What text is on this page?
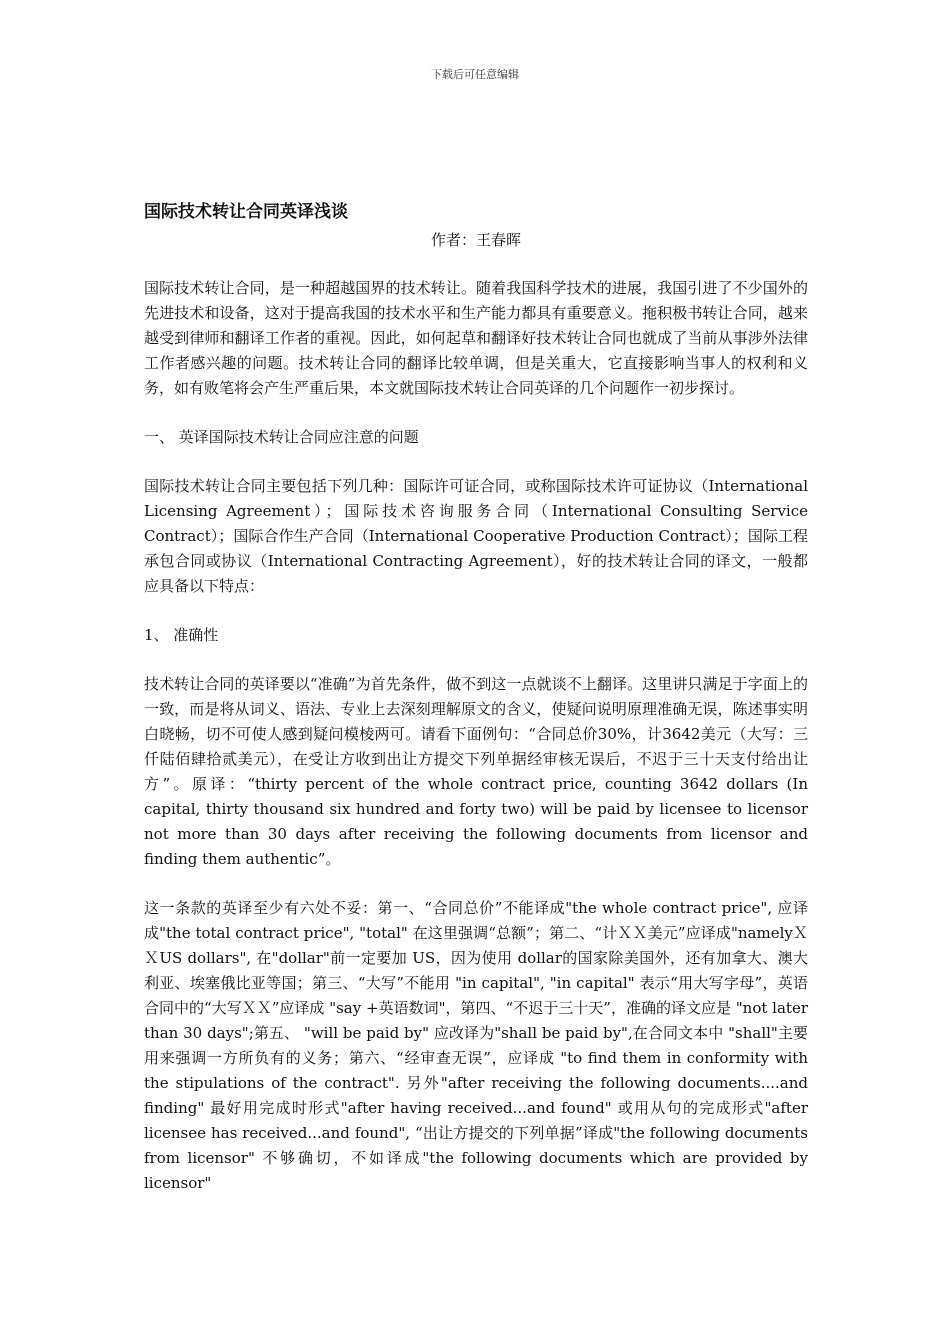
下载后可任意编辑
国际技术转让合同英译浅谈

作者：王春晖

国际技术转让合同，是一种超越国界的技术转让。随着我国科学技术的进展，我国引进了不少国外的先进技术和设备，这对于提高我国的技术水平和生产能力都具有重要意义。拖积极书转让合同，越来越受到律师和翻译工作者的重视。因此，如何起草和翻译好技术转让合同也就成了当前从事涉外法律工作者感兴趣的问题。技术转让合同的翻译比较单调，但是关重大，它直接影响当事人的权利和义务，如有败笔将会产生严重后果，本文就国际技术转让合同英译的几个问题作一初步探讨。

一、 英译国际技术转让合同应注意的问题

国际技术转让合同主要包括下列几种：国际许可证合同，或称国际技术许可证协议（International Licensing Agreement）；国际技术咨询服务合同（International Consulting Service Contract）；国际合作生产合同（International Cooperative Production Contract）；国际工程承包合同或协议（International Contracting Agreement），好的技术转让合同的译文，一般都应具备以下特点：

1、 准确性

技术转让合同的英译要以“准确”为首先条件，做不到这一点就谈不上翻译。这里讲只满足于字面上的一致，而是将从词义、语法、专业上去深刻理解原文的含义，使疑问说明原理准确无误，陈述事实明白晓畅，切不可使人感到疑问模棱两可。请看下面例句：“合同总价30%，计3642美元（大写：三仟陆佰肆拾贰美元），在受让方收到出让方提交下列单据经审核无误后，不迟于三十天支付给出让方”。原译：“thirty percent of the whole contract price, counting 3642 dollars (In capital, thirty thousand six hundred and forty two) will be paid by licensee to licensor not more than 30 days after receiving the following documents from licensor and finding them authentic”。

这一条款的英译至少有六处不妥：第一、“合同总价”不能译成"the whole contract price", 应译成"the total contract price", "total" 在这里强调“总额”；第二、“计ＸＸ美元”应译成"namelyＸＸUS dollars", 在"dollar"前一定要加 US，因为使用 dollar的国家除美国外，还有加拿大、澳大利亚、埃塞俄比亚等国；第三、“大写”不能用 "in capital", "in capital" 表示“用大写字母”，英语合同中的“大写ＸＸ”应译成 "say +英语数词"，第四、“不迟于三十天”，准确的译文应是 "not later than 30 days";第五、 "will be paid by" 应改译为"shall be paid by",在合同文本中 "shall"主要用来强调一方所负有的义务；第六、“经审查无误”，应译成 "to find them in conformity with the stipulations of the contract". 另外"after receiving the following documents....and finding" 最好用完成时形式"after having received...and found" 或用从句的完成形式"after licensee has received...and found", “出让方提交的下列单据”译成"the following documents from licensor" 不够确切，不如译成"the following documents which are provided by licensor"
